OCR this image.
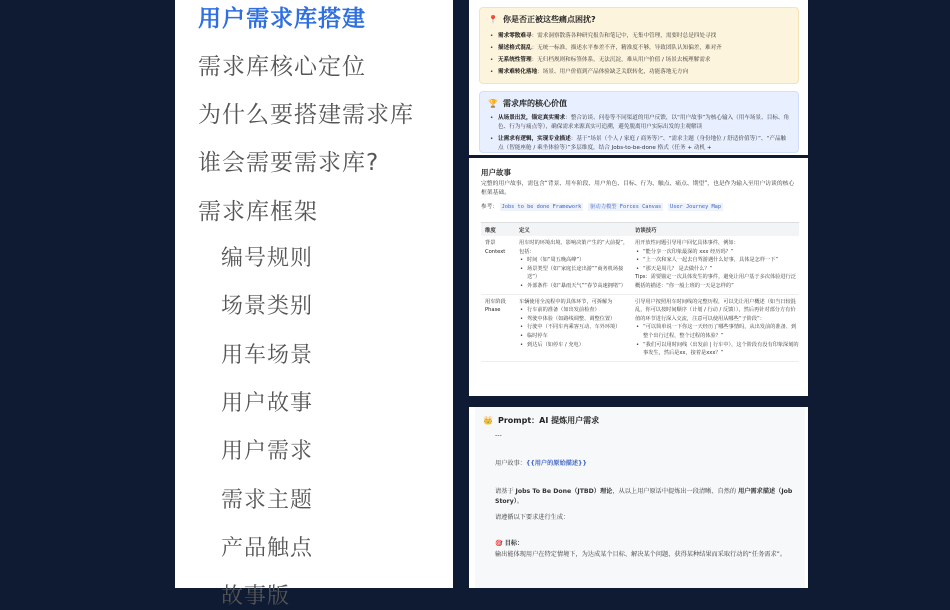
用户需求库搭建
需求库核心定位
为什么要搭建需求库
谁会需要需求库?
需求库框架
编号规则
场景类别
用车场景
用户故事
用户需求
需求主题
产品触点
故事版
📍 你是否正被这些痛点困扰?
• 需求零散难寻：需求洞察散落各种研究报告和笔记中，无集中管理，需要时总是四处寻找
• 描述格式混乱：无统一标准，描述水平参差不齐，精准度不够，导致团队认知偏差，难对齐
• 无系统性管理：无归档规则和标签体系，无法沉淀，难从用户价值 / 场景去梳理解需求
• 需求难转化落地：场景、用户价值到产品体验缺乏关联转化，功能落地无方向
🏆 需求库的核心价值
• 从场景出发，锚定真实需求：整合访谈、问卷等不同渠道的用户反馈，以“用户故事”为核心输入（用车场景、目标、角色、行为与痛点等），确保需求来源真实可追溯，避免脱离用户实际出发的主观解读
• 让需求有逻辑，实现专业描述：基于“场景（个人 / 家庭 / 商务等）”、“需求主题（身份地位 / 舒适价值等）”、“产品触点（智能座舱 / 乘坐体验等）”多层维度，结合 Jobs-to-be-done 格式（任务 + 动机 +
用户故事
完整的用户故事，需包含“背景、用车阶段、用户角色、目标、行为、触点、痛点、期望”，也是作为输入至用户访谈的核心框架基础。
参考： Jobs to be done Framework 驱动力模型 Forces Canvas User Journey Map
维度	定义	访谈技巧
背景 Context
用车时的环境出境、影响决策产生的“大前提”，包括：
• 时间（如“周五晚高峰”）
• 场景类型（如“家庭长途出游”“商务机场接送”）
• 外部条件（如“暴雨天气”“春节高速拥堵”）
用开放性问题引导用户回忆具体事件，例如：
• “能分享一次印象最深的 xxx 经历吗？”
• “上一次和家人一起去自驾游遇什么好事，具体是怎样一下”
• “那天是周几？ 是去做什么？”
Tips：需要锚定一次具体发生的事件，避免让用户基于多次体验进行泛概括的描述：“你一般上班的一天是怎样的”
用车阶段 Phase
车辆使用全流程中的具体环节，可拆解为
• 行车前的准备（如出发前检查）
• 驾驶中体验（如路线调整、调整位置）
• 行驶中（不同车内乘客互动、车外环境）
• 临时停车
• 到达后（如停车 / 充电）
引导用户按照用车时间线的完整历程，可以先让用户概述（如当日较混乱，你可以按时间顺序（计划 / 行动 / 反馈）），然后再针对部分方有价值的环节进行深入交流，注意可以使用从哪些“子阶段”：
• “可以简单说一下你这一天经历了哪些事情吗，从出发前的准备、到整个出行过程，整个过程的体验？”
• “我们可以用时间线（出发前 | 行车中），这个阶段有没有印象深刻的事发生，然后是xx，接着是xxx？”
👑 Prompt：AI 提炼用户需求
---
用户故事：{{用户的原始描述}}
请基于 Jobs To Be Done（JTBD）理论，从以上用户原话中提炼出一段清晰、自然的 用户需求描述（Job Story）。
请遵循以下要求进行生成：
🎯 目标：
输出能体现用户在特定情境下，为达成某个目标、解决某个问题、获得某种结果而采取行动的“任务需求”。
